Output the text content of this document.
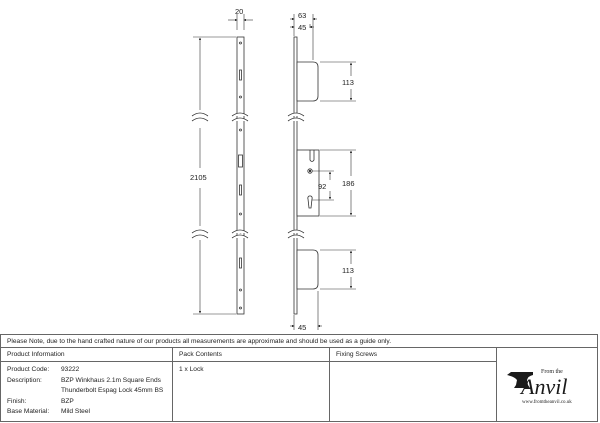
20
2105
63
45
113
186
92
113
45
Please Note, due to the hand crafted nature of our products all measurements are approximate and should be used as a guide only.
Product Information
Product Code: 93222
Description:	BZP Winkhaus 2.1m Square Ends
Thunderbolt Espag Lock 45mm BS
Finish:	BZP
Base Material: Mild Steel
Pack Contents
1 x Lock
Fixing Screws
From the
Anvil
www.fromtheanvil.co.uk
